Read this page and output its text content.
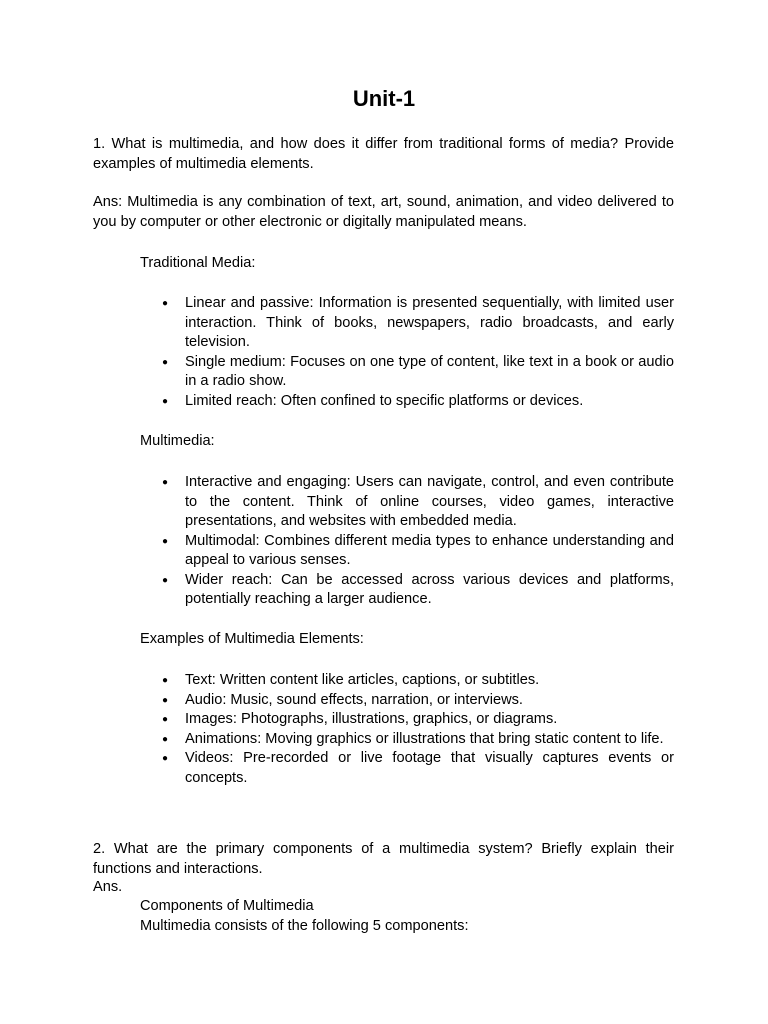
Unit-1

1. What is multimedia, and how does it differ from traditional forms of media? Provide examples of multimedia elements.

Ans: Multimedia is any combination of text, art, sound, animation, and video delivered to you by computer or other electronic or digitally manipulated means.

Traditional Media:

● Linear and passive: Information is presented sequentially, with limited user interaction. Think of books, newspapers, radio broadcasts, and early television.
● Single medium: Focuses on one type of content, like text in a book or audio in a radio show.
● Limited reach: Often confined to specific platforms or devices.

Multimedia:

● Interactive and engaging: Users can navigate, control, and even contribute to the content. Think of online courses, video games, interactive presentations, and websites with embedded media.
● Multimodal: Combines different media types to enhance understanding and appeal to various senses.
● Wider reach: Can be accessed across various devices and platforms, potentially reaching a larger audience.

Examples of Multimedia Elements:

● Text: Written content like articles, captions, or subtitles.
● Audio: Music, sound effects, narration, or interviews.
● Images: Photographs, illustrations, graphics, or diagrams.
● Animations: Moving graphics or illustrations that bring static content to life.
● Videos: Pre-recorded or live footage that visually captures events or concepts.

2. What are the primary components of a multimedia system? Briefly explain their functions and interactions.

Ans.

Components of Multimedia

Multimedia consists of the following 5 components:
